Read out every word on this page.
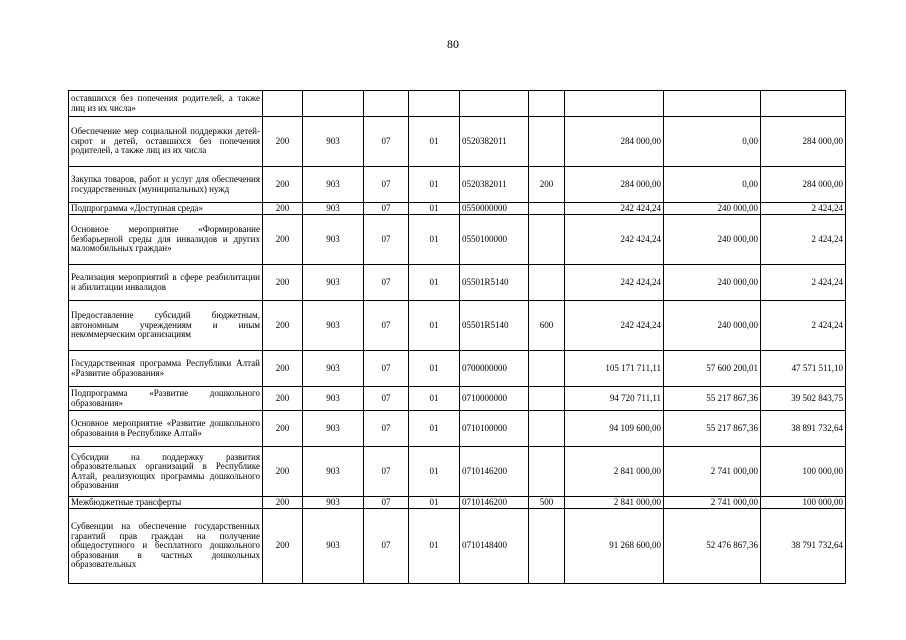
80
оставшихся без попечения родителей, а также лиц из их числа»									
Обеспечение мер социальной поддержки детей-сирот и детей, оставшихся без попечения родителей, а также лиц из их числа	200	903	07	01	0520382011		284 000,00	0,00	284 000,00
Закупка товаров, работ и услуг для обеспечения государственных (муниципальных) нужд	200	903	07	01	0520382011	200	284 000,00	0,00	284 000,00
Подпрограмма «Доступная среда»	200	903	07	01	0550000000		242 424,24	240 000,00	2 424,24
Основное мероприятие «Формирование безбарьерной среды для инвалидов и других маломобильных граждан»	200	903	07	01	0550100000		242 424,24	240 000,00	2 424,24
Реализация мероприятий в сфере реабилитации и абилитации инвалидов	200	903	07	01	05501R5140		242 424,24	240 000,00	2 424,24
Предоставление субсидий бюджетным, автономным учреждениям и иным некоммерческим организациям	200	903	07	01	05501R5140	600	242 424,24	240 000,00	2 424,24
Государственная программа Республики Алтай «Развитие образования»	200	903	07	01	0700000000		105 171 711,11	57 600 200,01	47 571 511,10
Подпрограмма «Развитие дошкольного образования»	200	903	07	01	0710000000		94 720 711,11	55 217 867,36	39 502 843,75
Основное мероприятие «Развитие дошкольного образования в Республике Алтай»	200	903	07	01	0710100000		94 109 600,00	55 217 867,36	38 891 732,64
Субсидии на поддержку развития образовательных организаций в Республике Алтай, реализующих программы дошкольного образования	200	903	07	01	0710146200		2 841 000,00	2 741 000,00	100 000,00
Межбюджетные трансферты	200	903	07	01	0710146200	500	2 841 000,00	2 741 000,00	100 000,00
Субвенции на обеспечение государственных гарантий прав граждан на получение общедоступного и бесплатного дошкольного образования в частных дошкольных образовательных	200	903	07	01	0710148400		91 268 600,00	52 476 867,36	38 791 732,64
